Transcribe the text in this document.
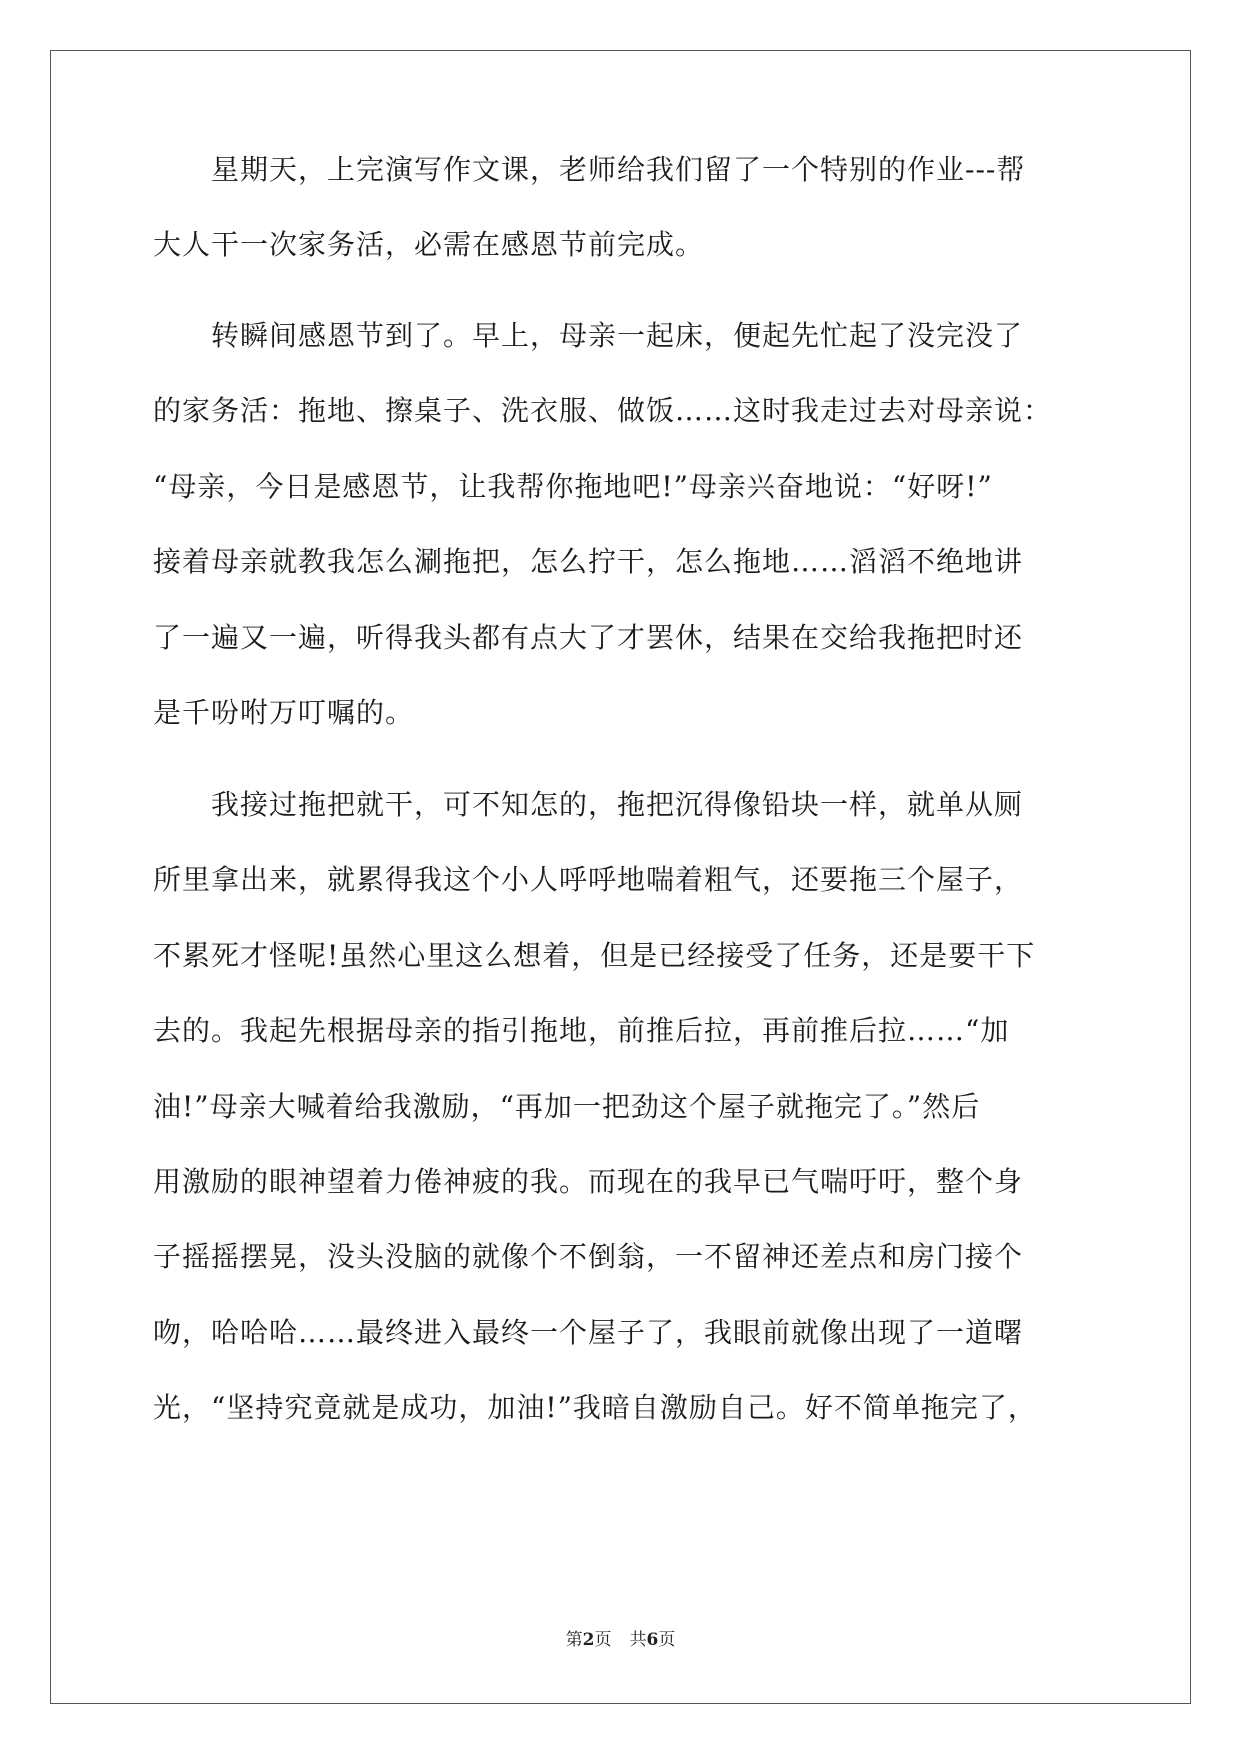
　　星期天，上完演写作文课，老师给我们留了一个特别的作业---帮
大人干一次家务活，必需在感恩节前完成。
　　转瞬间感恩节到了。早上，母亲一起床，便起先忙起了没完没了
的家务活：拖地、擦桌子、洗衣服、做饭……这时我走过去对母亲说：
“母亲，今日是感恩节，让我帮你拖地吧!”母亲兴奋地说：“好呀!”
接着母亲就教我怎么涮拖把，怎么拧干，怎么拖地……滔滔不绝地讲
了一遍又一遍，听得我头都有点大了才罢休，结果在交给我拖把时还
是千吩咐万叮嘱的。
　　我接过拖把就干，可不知怎的，拖把沉得像铅块一样，就单从厕
所里拿出来，就累得我这个小人呼呼地喘着粗气，还要拖三个屋子，
不累死才怪呢!虽然心里这么想着，但是已经接受了任务，还是要干下
去的。我起先根据母亲的指引拖地，前推后拉，再前推后拉……“加
油!”母亲大喊着给我激励，“再加一把劲这个屋子就拖完了。”然后
用激励的眼神望着力倦神疲的我。而现在的我早已气喘吁吁，整个身
子摇摇摆晃，没头没脑的就像个不倒翁，一不留神还差点和房门接个
吻，哈哈哈……最终进入最终一个屋子了，我眼前就像出现了一道曙
光，“坚持究竟就是成功，加油!”我暗自激励自己。好不简单拖完了，
第2页 共6页
